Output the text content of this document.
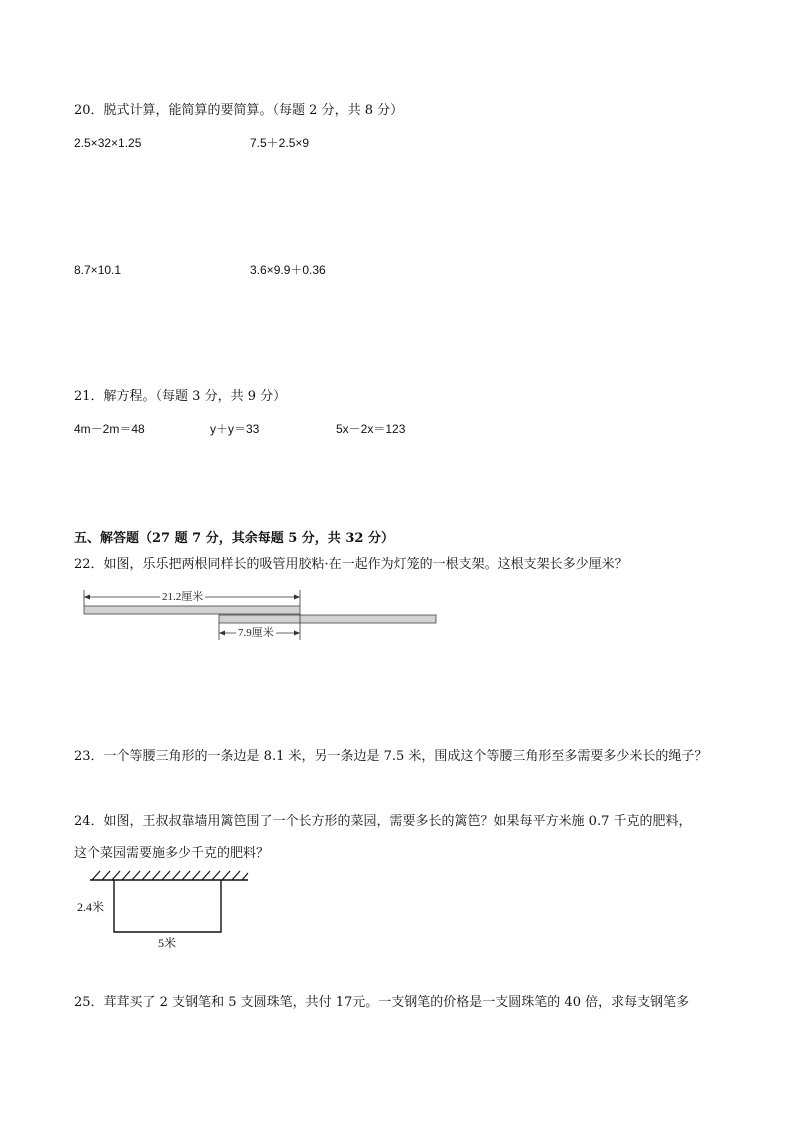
20．脱式计算，能简算的要简算。（每题 2 分，共 8 分）
2.5×32×1.25	7.5＋2.5×9
8.7×10.1	3.6×9.9＋0.36
21．解方程。（每题 3 分，共 9 分）
4m－2m＝48	y＋y＝33	5x－2x＝123
五、解答题（27 题 7 分，其余每题 5 分，共 32 分）
22．如图，乐乐把两根同样长的吸管用胶粘·在一起作为灯笼的一根支架。这根支架长多少厘米？
21.2厘米
7.9厘米
23．一个等腰三角形的一条边是 8.1 米，另一条边是 7.5 米，围成这个等腰三角形至多需要多少米长的绳子？
24．如图，王叔叔靠墙用篱笆围了一个长方形的菜园，需要多长的篱笆？如果每平方米施 0.7 千克的肥料，
这个菜园需要施多少千克的肥料？
2.4米
5米
25．茸茸买了 2 支钢笔和 5 支圆珠笔，共付 17元。一支钢笔的价格是一支圆珠笔的 40 倍，求每支钢笔多
